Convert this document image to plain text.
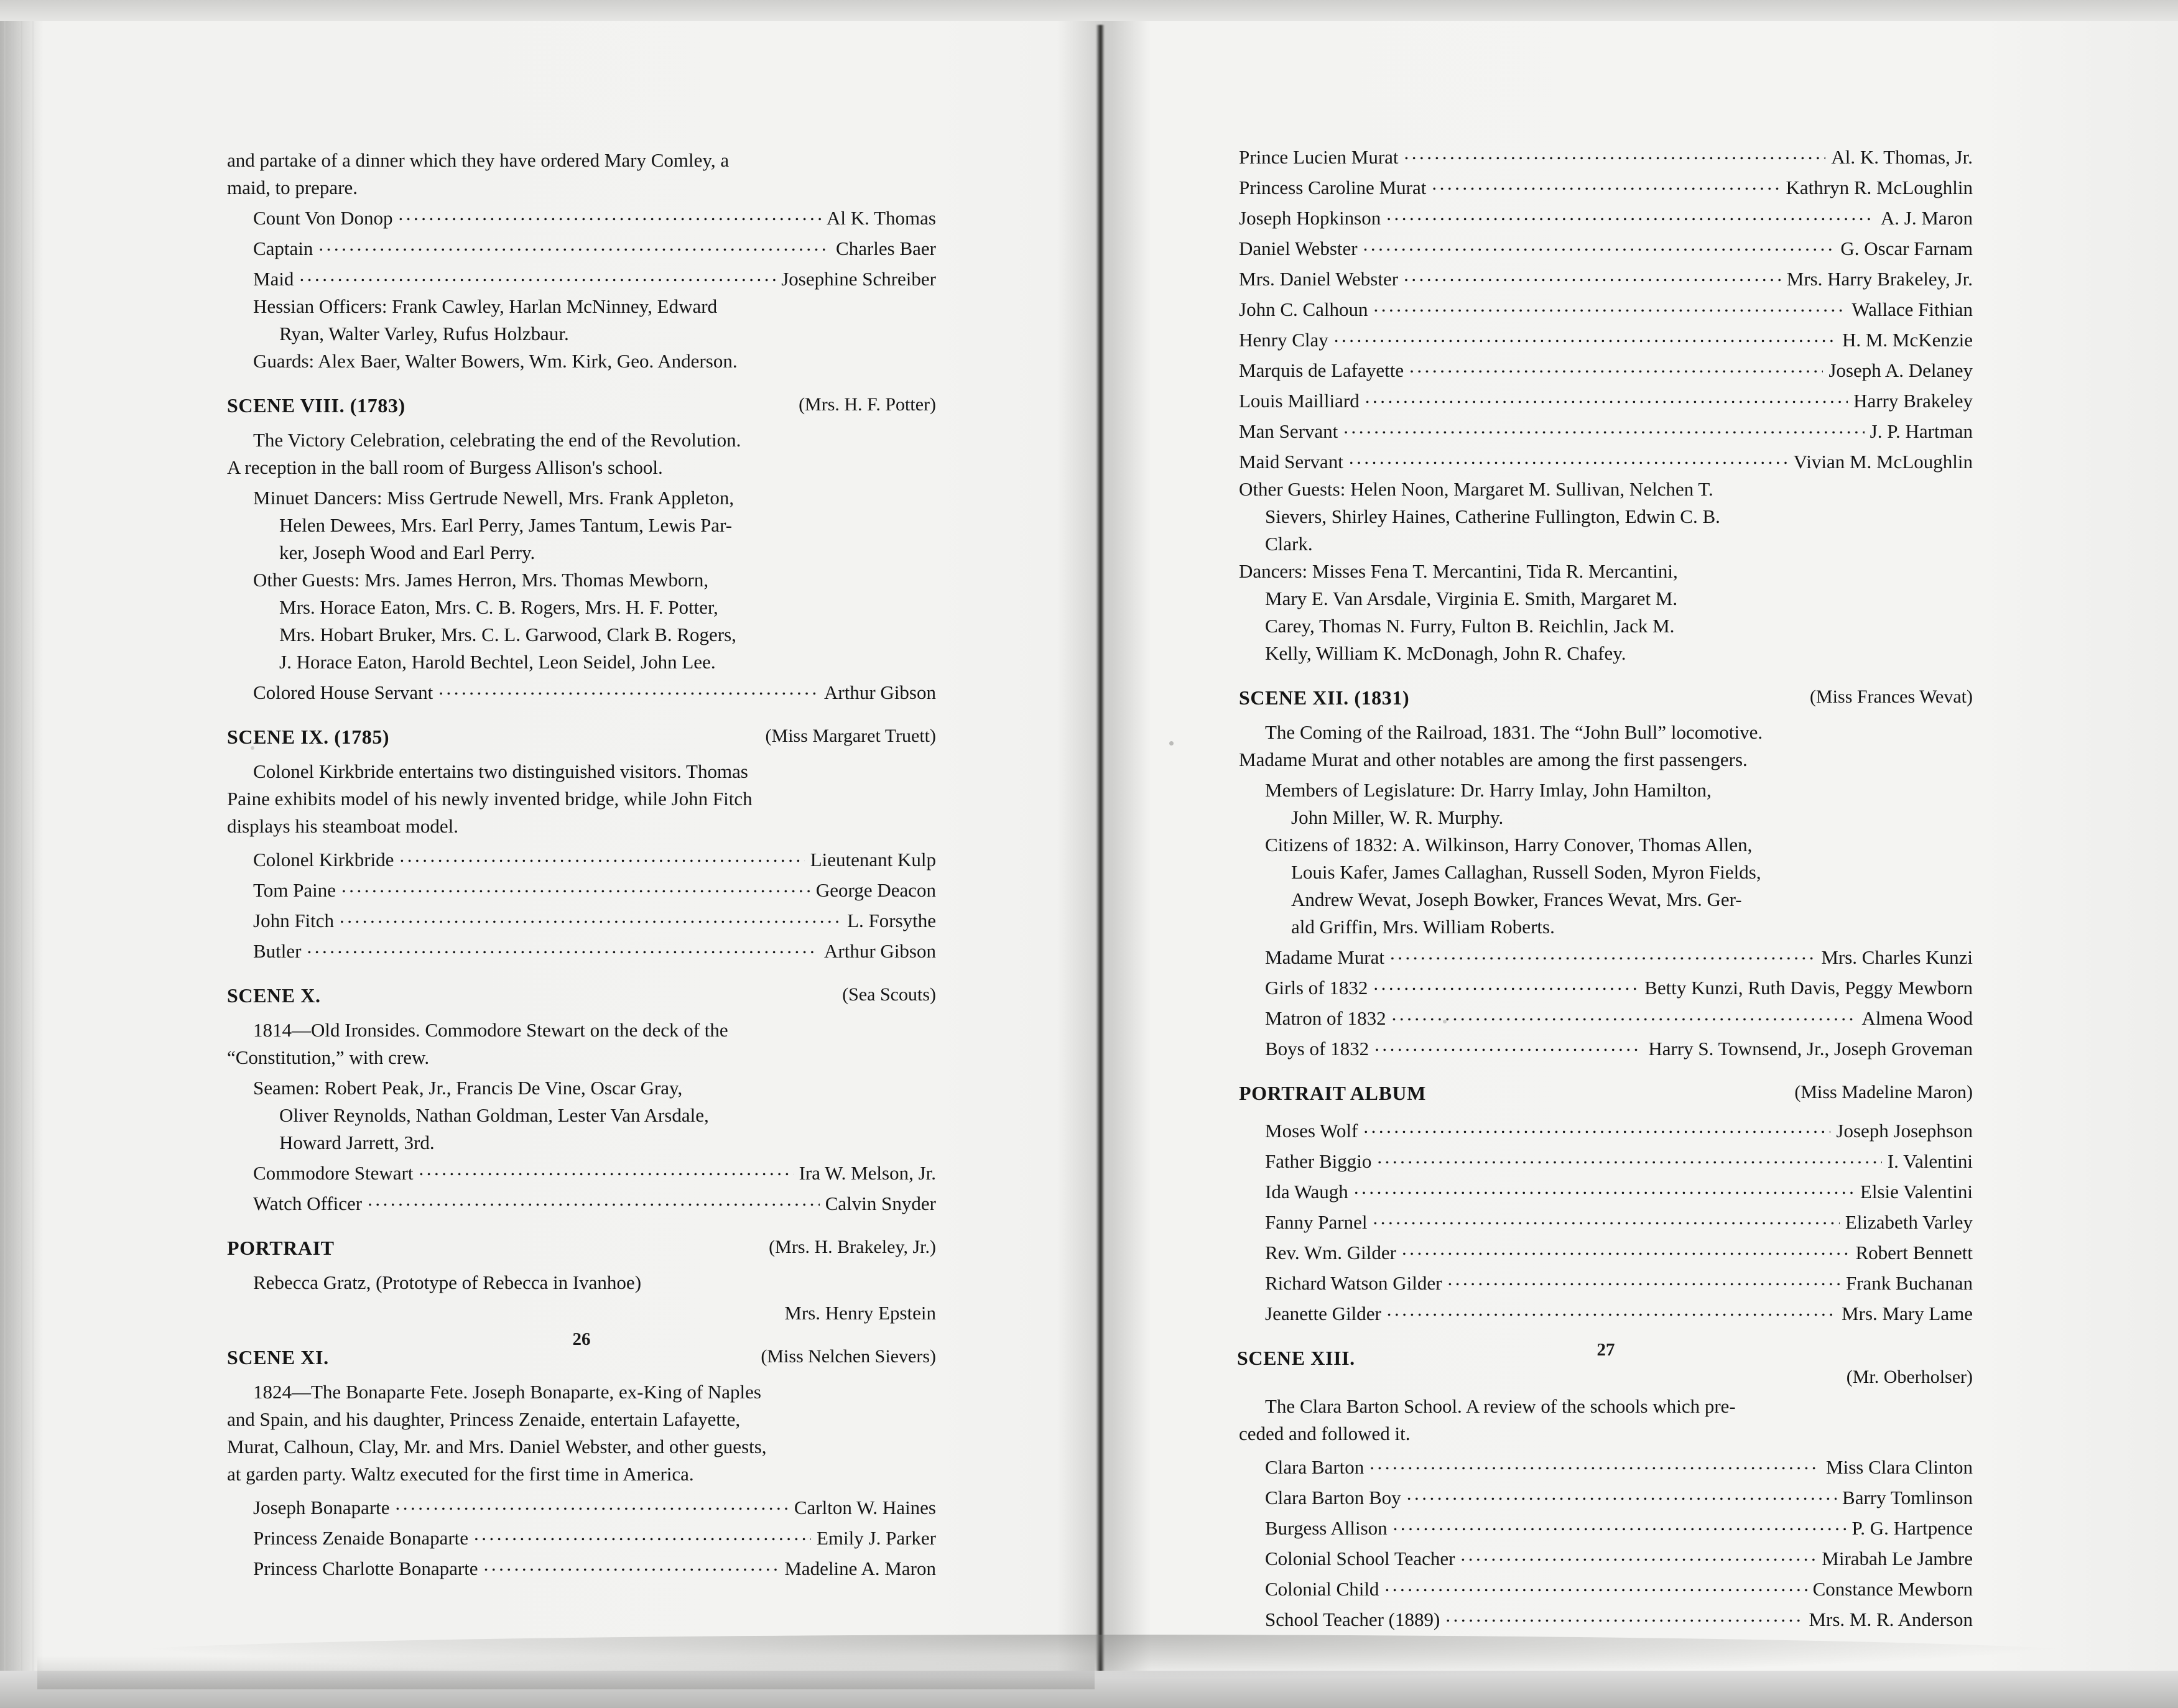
and partake of a dinner which they have ordered Mary Comley, a
maid, to prepare.
Count Von Donop .....	Al K. Thomas
Captain .....	Charles Baer
Maid .....	Josephine Schreiber
Hessian Officers: Frank Cawley, Harlan McNinney, Edward
Ryan, Walter Varley, Rufus Holzbaur.
Guards: Alex Baer, Walter Bowers, Wm. Kirk, Geo. Anderson.
SCENE VIII. (1783)	(Mrs. H. F. Potter)
The Victory Celebration, celebrating the end of the Revolution.
A reception in the ball room of Burgess Allison's school.
Minuet Dancers: Miss Gertrude Newell, Mrs. Frank Appleton,
Helen Dewees, Mrs. Earl Perry, James Tantum, Lewis Par-
ker, Joseph Wood and Earl Perry.
Other Guests: Mrs. James Herron, Mrs. Thomas Mewborn,
Mrs. Horace Eaton, Mrs. C. B. Rogers, Mrs. H. F. Potter,
Mrs. Hobart Bruker, Mrs. C. L. Garwood, Clark B. Rogers,
J. Horace Eaton, Harold Bechtel, Leon Seidel, John Lee.
Colored House Servant .....	Arthur Gibson
SCENE IX. (1785)	(Miss Margaret Truett)
Colonel Kirkbride entertains two distinguished visitors. Thomas
Paine exhibits model of his newly invented bridge, while John Fitch
displays his steamboat model.
Colonel Kirkbride .....	Lieutenant Kulp
Tom Paine .....	George Deacon
John Fitch .....	L. Forsythe
Butler .....	Arthur Gibson
SCENE X.	(Sea Scouts)
1814—Old Ironsides. Commodore Stewart on the deck of the
“Constitution,” with crew.
Seamen: Robert Peak, Jr., Francis De Vine, Oscar Gray,
Oliver Reynolds, Nathan Goldman, Lester Van Arsdale,
Howard Jarrett, 3rd.
Commodore Stewart .....	Ira W. Melson, Jr.
Watch Officer .....	Calvin Snyder
PORTRAIT	(Mrs. H. Brakeley, Jr.)
Rebecca Gratz, (Prototype of Rebecca in Ivanhoe)
Mrs. Henry Epstein
SCENE XI.	(Miss Nelchen Sievers)
1824—The Bonaparte Fete. Joseph Bonaparte, ex-King of Naples
and Spain, and his daughter, Princess Zenaide, entertain Lafayette,
Murat, Calhoun, Clay, Mr. and Mrs. Daniel Webster, and other guests,
at garden party. Waltz executed for the first time in America.
Joseph Bonaparte .....	Carlton W. Haines
Princess Zenaide Bonaparte .....	Emily J. Parker
Princess Charlotte Bonaparte .....	Madeline A. Maron
26
Prince Lucien Murat .....	Al. K. Thomas, Jr.
Princess Caroline Murat .....	Kathryn R. McLoughlin
Joseph Hopkinson .....	A. J. Maron
Daniel Webster .....	G. Oscar Farnam
Mrs. Daniel Webster .....	Mrs. Harry Brakeley, Jr.
John C. Calhoun .....	Wallace Fithian
Henry Clay .....	H. M. McKenzie
Marquis de Lafayette .....	Joseph A. Delaney
Louis Mailliard .....	Harry Brakeley
Man Servant .....	J. P. Hartman
Maid Servant .....	Vivian M. McLoughlin
Other Guests: Helen Noon, Margaret M. Sullivan, Nelchen T.
Sievers, Shirley Haines, Catherine Fullington, Edwin C. B.
Clark.
Dancers: Misses Fena T. Mercantini, Tida R. Mercantini,
Mary E. Van Arsdale, Virginia E. Smith, Margaret M.
Carey, Thomas N. Furry, Fulton B. Reichlin, Jack M.
Kelly, William K. McDonagh, John R. Chafey.
SCENE XII. (1831)	(Miss Frances Wevat)
The Coming of the Railroad, 1831. The “John Bull” locomotive.
Madame Murat and other notables are among the first passengers.
Members of Legislature: Dr. Harry Imlay, John Hamilton,
John Miller, W. R. Murphy.
Citizens of 1832: A. Wilkinson, Harry Conover, Thomas Allen,
Louis Kafer, James Callaghan, Russell Soden, Myron Fields,
Andrew Wevat, Joseph Bowker, Frances Wevat, Mrs. Ger-
ald Griffin, Mrs. William Roberts.
Madame Murat .....	Mrs. Charles Kunzi
Girls of 1832 .....	Betty Kunzi, Ruth Davis, Peggy Mewborn
Matron of 1832 .....	Almena Wood
Boys of 1832 .....	Harry S. Townsend, Jr., Joseph Groveman
PORTRAIT ALBUM	(Miss Madeline Maron)
Moses Wolf .....	Joseph Josephson
Father Biggio .....	I. Valentini
Ida Waugh .....	Elsie Valentini
Fanny Parnel .....	Elizabeth Varley
Rev. Wm. Gilder .....	Robert Bennett
Richard Watson Gilder .....	Frank Buchanan
Jeanette Gilder .....	Mrs. Mary Lame
SCENE XIII.
(Mr. Oberholser)
The Clara Barton School. A review of the schools which pre-
ceded and followed it.
Clara Barton .....	Miss Clara Clinton
Clara Barton Boy .....	Barry Tomlinson
Burgess Allison .....	P. G. Hartpence
Colonial School Teacher .....	Mirabah Le Jambre
Colonial Child .....	Constance Mewborn
School Teacher (1889) .....	Mrs. M. R. Anderson
27
